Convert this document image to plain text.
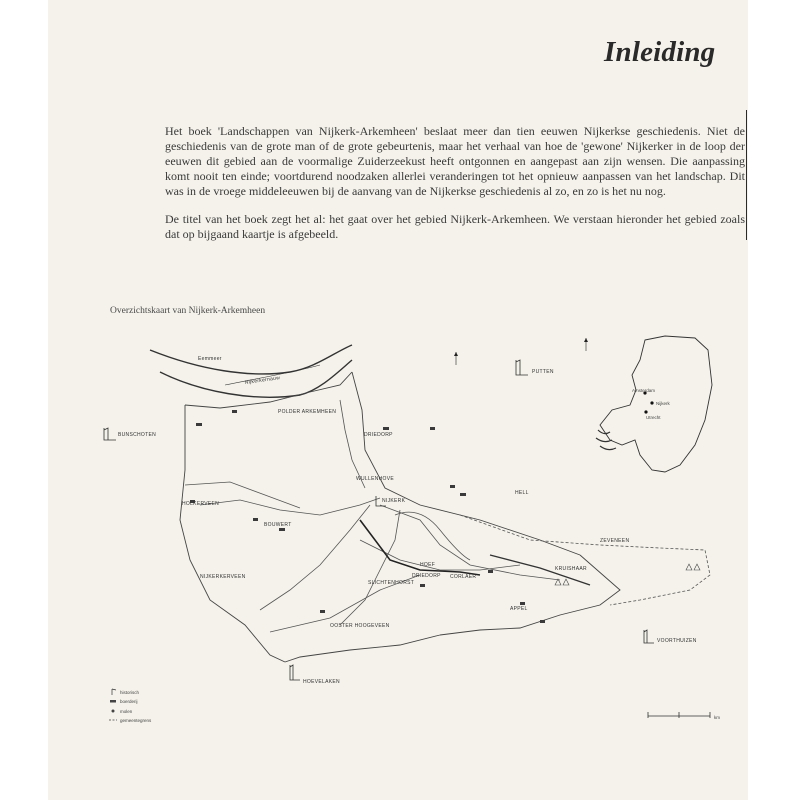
Inleiding

Het boek 'Landschappen van Nijkerk-Arkemheen' beslaat meer dan tien eeuwen Nijkerkse geschiedenis. Niet de geschiedenis van de grote man of de grote gebeurtenis, maar het verhaal van hoe de 'gewone' Nijkerker in de loop der eeuwen dit gebied aan de voormalige Zuiderzeekust heeft ontgonnen en aangepast aan zijn wensen. Die aanpassing komt nooit ten einde; voortdurend noodzaken allerlei veranderingen tot het opnieuw aanpassen van het landschap. Dit was in de vroege middeleeuwen bij de aanvang van de Nijkerkse geschiedenis al zo, en zo is het nu nog.

De titel van het boek zegt het al: het gaat over het gebied Nijkerk-Arkemheen. We verstaan hieronder het gebied zoals dat op bijgaand kaartje is afgebeeld.

Overzichtskaart van Nijkerk-Arkemheen
Eemmeer
Nijkerkernauw
Amsterdam
Nijkerk
Utrecht
PUTTEN
POLDER ARKEMHEEN
BUNSCHOTEN	DRIEDORP
HOLKERVEEN	NIJKERK
HELL
ZEVENEEN
HOEVELAKEN
APPEL
VOORTHUIZEN
SLICHTENHORST
KRUISHAAR
NIJKERKERVEEN
BOUWERT
OOSTER HOOGEVEEN
CORLAER
WULLENHOVE
HOEF
DRIEDORP
historisch
boerderij
molen
gemeentegrens
km
